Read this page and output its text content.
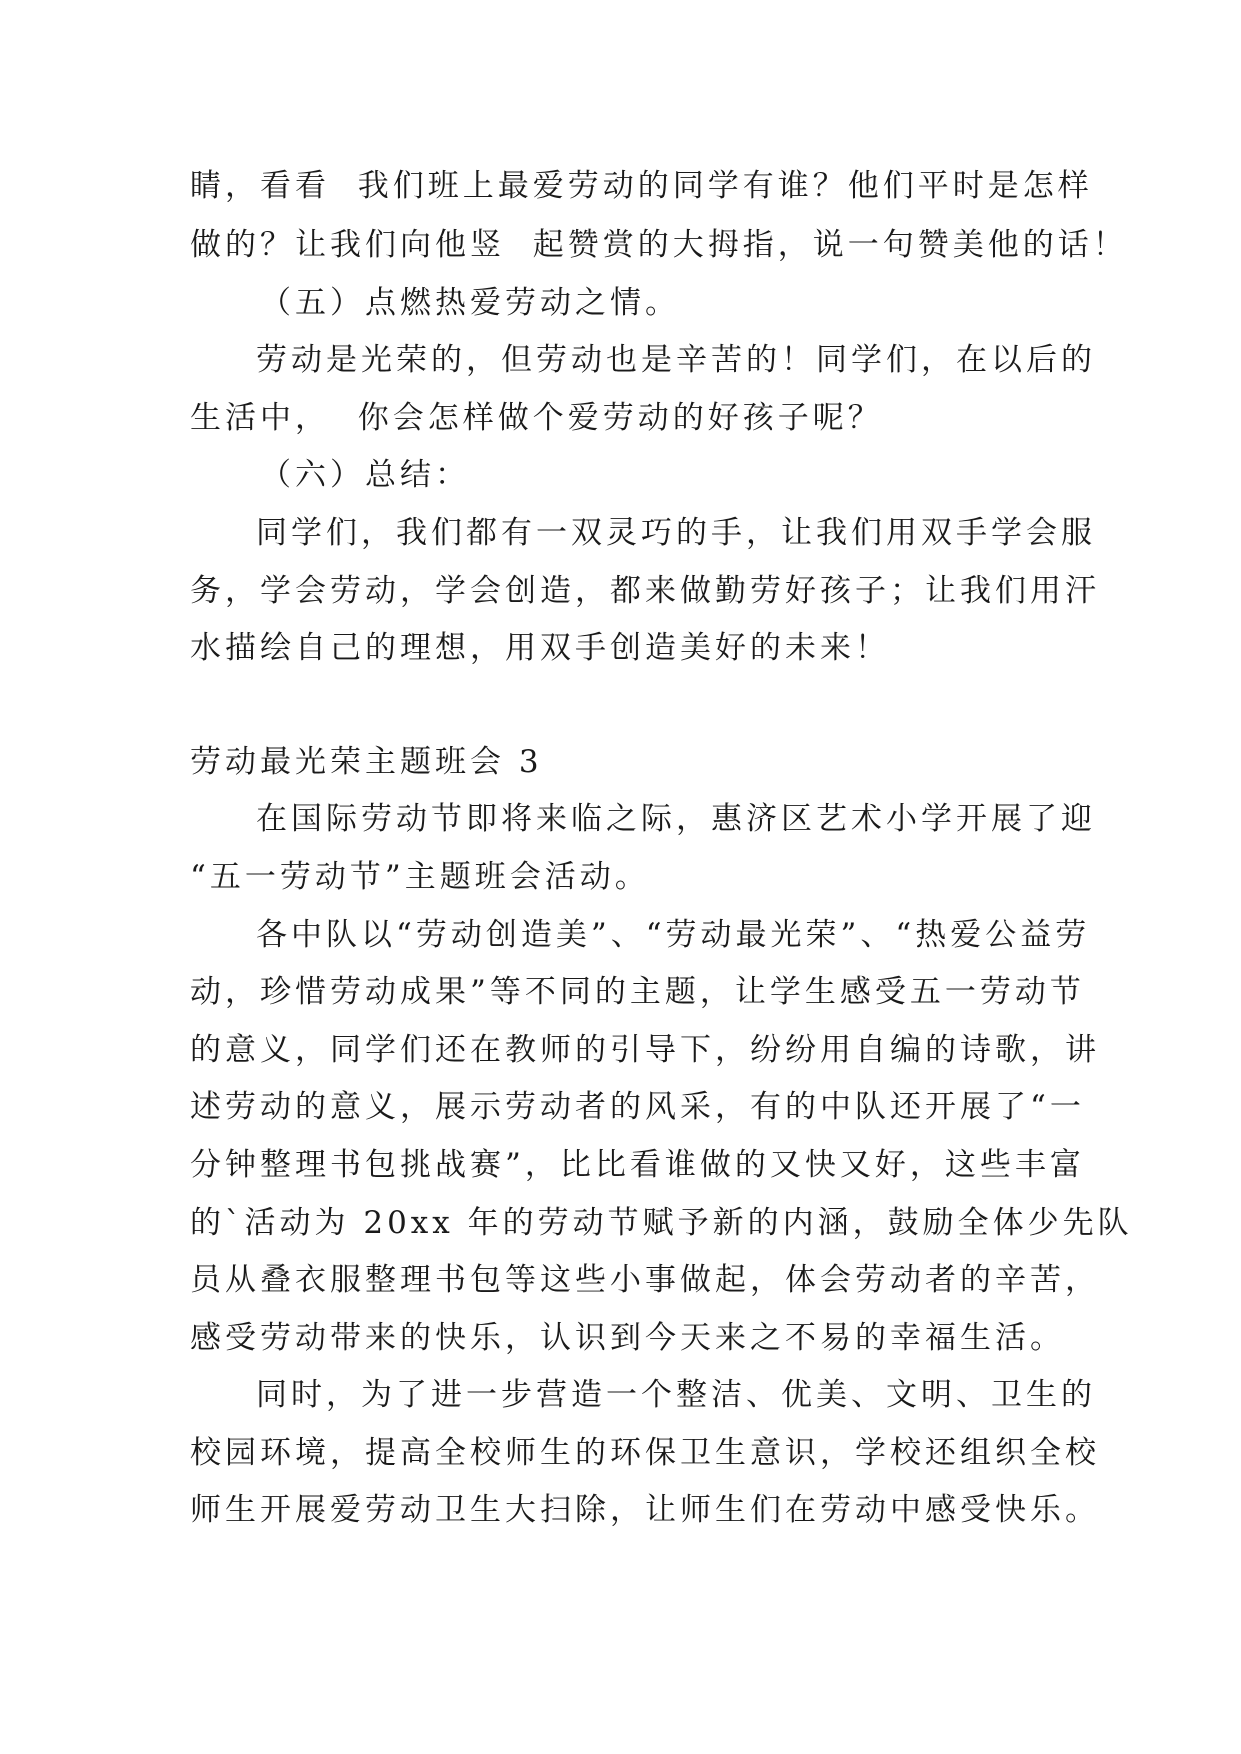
睛，看看  我们班上最爱劳动的同学有谁？他们平时是怎样
做的？让我们向他竖  起赞赏的大拇指，说一句赞美他的话！
（五）点燃热爱劳动之情。
劳动是光荣的，但劳动也是辛苦的！同学们，在以后的
生活中，  你会怎样做个爱劳动的好孩子呢？
（六）总结：
同学们，我们都有一双灵巧的手，让我们用双手学会服
务，学会劳动，学会创造，都来做勤劳好孩子；让我们用汗
水描绘自己的理想，用双手创造美好的未来！
劳动最光荣主题班会 3
在国际劳动节即将来临之际，惠济区艺术小学开展了迎
“五一劳动节”主题班会活动。
各中队以“劳动创造美”、“劳动最光荣”、“热爱公益劳
动，珍惜劳动成果”等不同的主题，让学生感受五一劳动节
的意义，同学们还在教师的引导下，纷纷用自编的诗歌，讲
述劳动的意义，展示劳动者的风采，有的中队还开展了“一
分钟整理书包挑战赛”，比比看谁做的又快又好，这些丰富
的`活动为 20xx 年的劳动节赋予新的内涵，鼓励全体少先队
员从叠衣服整理书包等这些小事做起，体会劳动者的辛苦，
感受劳动带来的快乐，认识到今天来之不易的幸福生活。
同时，为了进一步营造一个整洁、优美、文明、卫生的
校园环境，提高全校师生的环保卫生意识，学校还组织全校
师生开展爱劳动卫生大扫除，让师生们在劳动中感受快乐。
